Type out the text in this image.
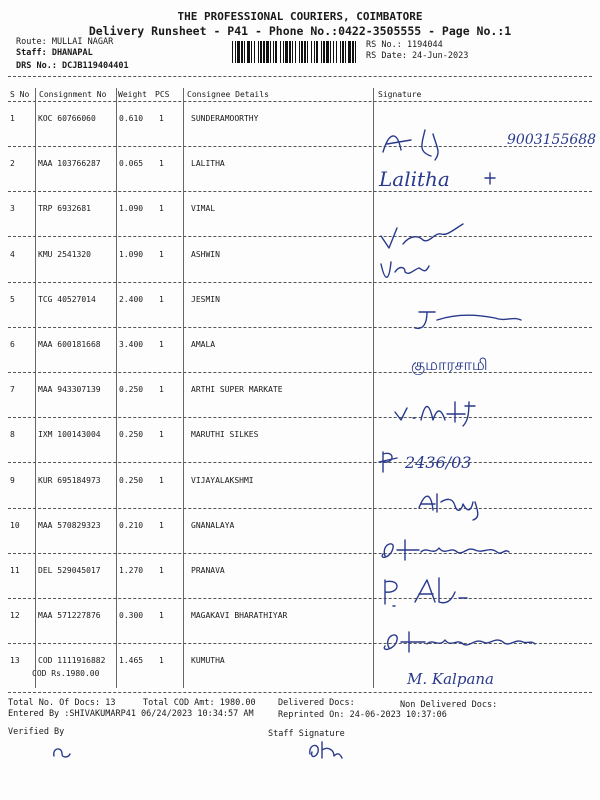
THE PROFESSIONAL COURIERS, COIMBATORE
Delivery Runsheet - P41 - Phone No.:0422-3505555 - Page No.:1
Route: MULLAI NAGAR
Staff: DHANAPAL
DRS No.: DCJB119404401
RS No.: 1194044
RS Date: 24-Jun-2023
S No Consignment No Weight PCS Consignee Details	Signature
1	KOC 60766060	0.610 1	SUNDERAMOORTHY
2	MAA 103766287 0.065 1	LALITHA
3	TRP 6932681	1.090 1	VIMAL
4	KMU 2541320	1.090 1	ASHWIN
5	TCG 40527014	2.400 1	JESMIN
6	MAA 600181668 3.400 1	AMALA
7	MAA 943307139 0.250 1	ARTHI SUPER MARKATE
8	IXM 100143004 0.250 1	MARUTHI SILKES
9	KUR 695184973 0.250 1	VIJAYALAKSHMI
10 MAA 570829323 0.210 1	GNANALAYA
11 DEL 529045017 1.270 1	PRANAVA
12 MAA 571227876 0.300 1	MAGAKAVI BHARATHIYAR
13 COD 1111916882 1.465 1	KUMUTHA
COD Rs.1980.00
9003155688
Lalitha
குமாரசாமி
2436/03
M. Kalpana
Total No. Of Docs: 13	Total COD Amt: 1980.00	Delivered Docs:	Non Delivered Docs:
Entered By :SHIVAKUMARP41 06/24/2023 10:34:57 AM	Reprinted On: 24-06-2023 10:37:06
Verified By	Staff Signature
